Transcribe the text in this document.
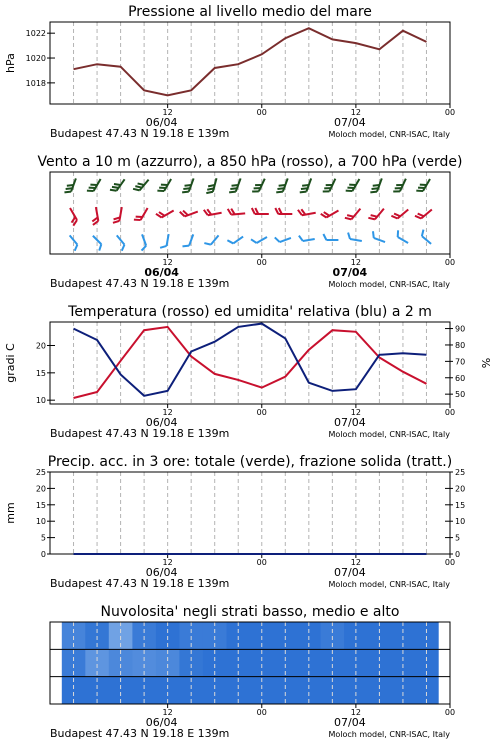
Pressione al livello medio del mare
12	00	12	00
06/04	07/04
Budapest 47.43 N 19.18 E 139m	Moloch model, CNR-ISAC, Italy
1018
1020
1022
hPa
Vento a 10 m (azzurro), a 850 hPa (rosso), a 700 hPa (verde)
12	00	12	00
06/04	07/04
Budapest 47.43 N 19.18 E 139m	Moloch model, CNR-ISAC, Italy
Temperatura (rosso) ed umidita' relativa (blu) a 2 m
12	00	12	00
06/04	07/04
Budapest 47.43 N 19.18 E 139m	Moloch model, CNR-ISAC, Italy
10
15
20
gradi C
50
60
70
80
90
%
Precip. acc. in 3 ore: totale (verde), frazione solida (tratt.)
12	00	12	00
06/04	07/04
Budapest 47.43 N 19.18 E 139m	Moloch model, CNR-ISAC, Italy
0
5
10
15
20
25
mm
0
5
10
15
20
25
Nuvolosita' negli strati basso, medio e alto
12	00	12	00
06/04	07/04
Budapest 47.43 N 19.18 E 139m	Moloch model, CNR-ISAC, Italy
